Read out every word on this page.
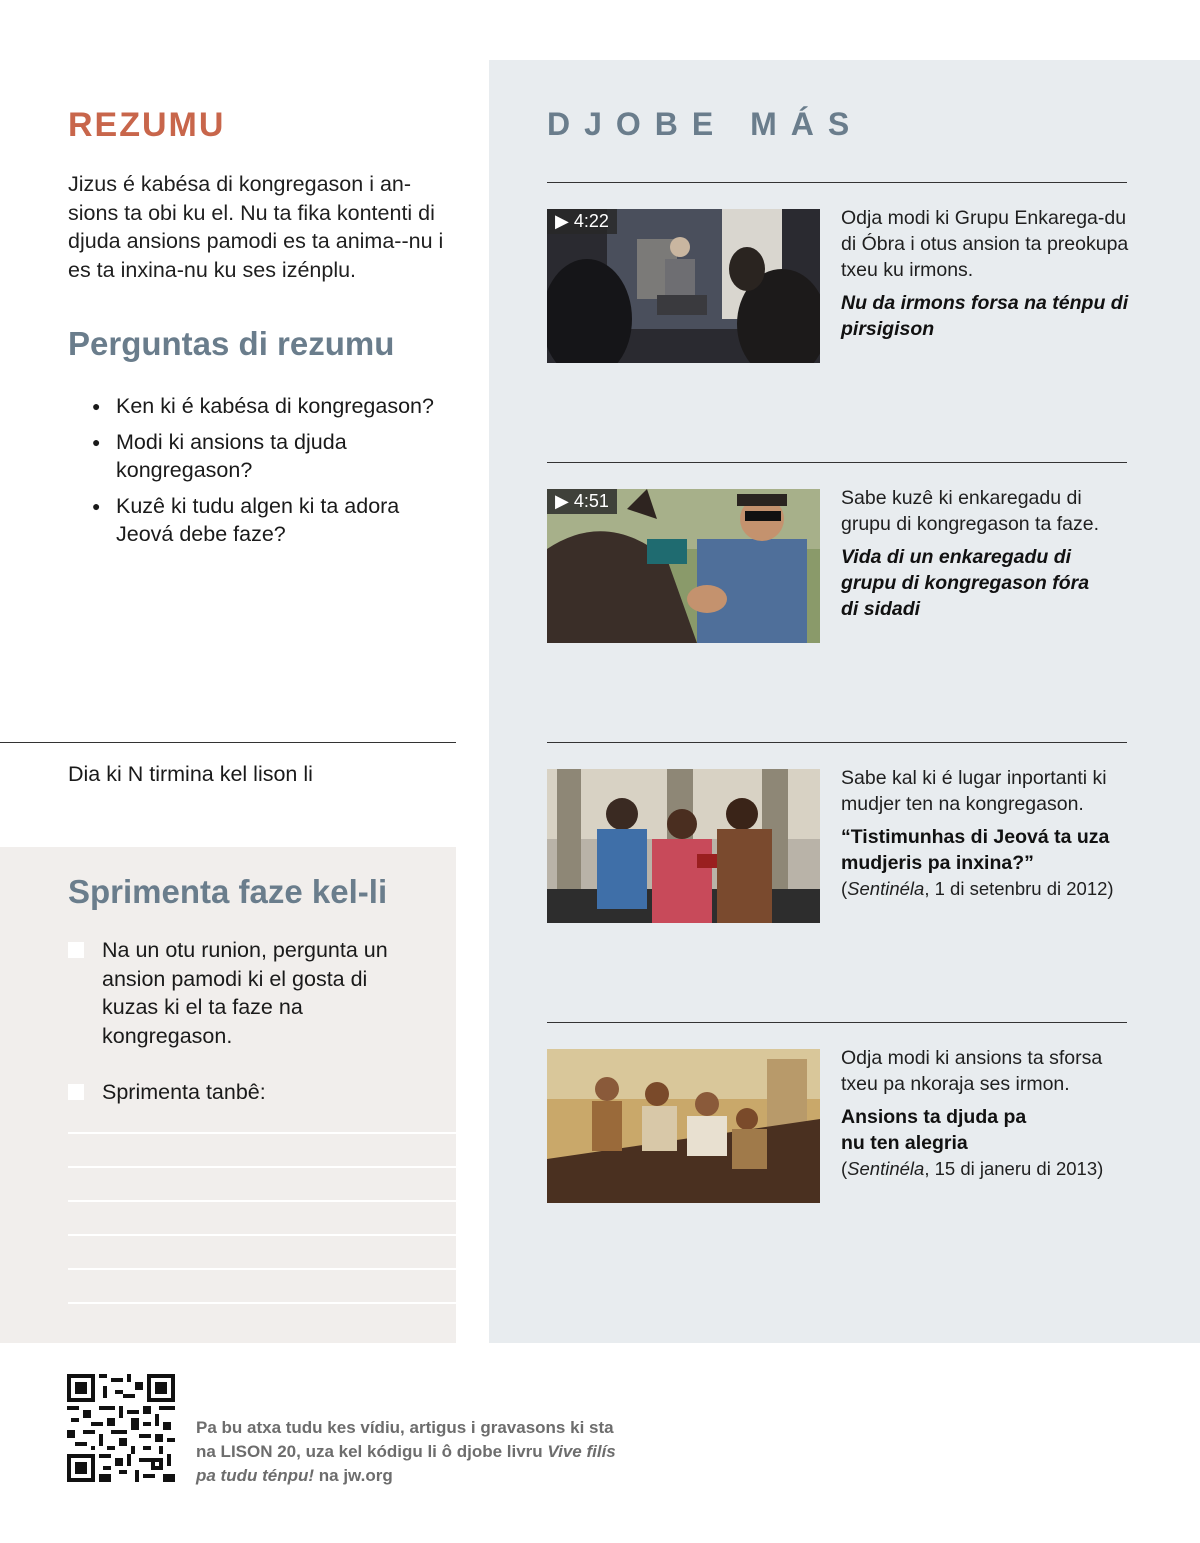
REZUMU

Jizus é kabésa di kongregason i an-sions ta obi ku el. Nu ta fika kontenti di djuda ansions pamodi es ta anima--nu i es ta inxina-nu ku ses izénplu.

Perguntas di rezumu
● Ken ki é kabésa di kongregason?
● Modi ki ansions ta djuda kongregason?
● Kuzê ki tudu algen ki ta adora Jeová debe faze?
Dia ki N tirmina kel lison li
Sprimenta faze kel-li
Na un otu runion, pergunta un ansion pamodi ki el gosta di kuzas ki el ta faze na kongregason.
Sprimenta tanbê:
DJOBE MÁS
▶ 4:22	Odja modi ki Grupu Enkarega-du di Óbra i otus ansion ta preokupa txeu ku irmons.

Nu da irmons forsa na ténpu di pirsigison

▶ 4:51	Sabe kuzê ki enkaregadu di grupu di kongregason ta faze.

Vida di un enkaregadu di grupu di kongregason fóra di sidadi

Sabe kal ki é lugar inportanti ki mudjer ten na kongregason.

“Tistimunhas di Jeová ta uza mudjeris pa inxina?”

(Sentinéla, 1 di setenbru di 2012)

Odja modi ki ansions ta sforsa txeu pa nkoraja ses irmon.

Ansions ta djuda pa nu ten alegria

(Sentinéla, 15 di janeru di 2013)

Pa bu atxa tudu kes vídiu, artigus i gravasons ki sta na LISON 20, uza kel kódigu li ô djobe livru Vive filís pa tudu ténpu! na jw.org
